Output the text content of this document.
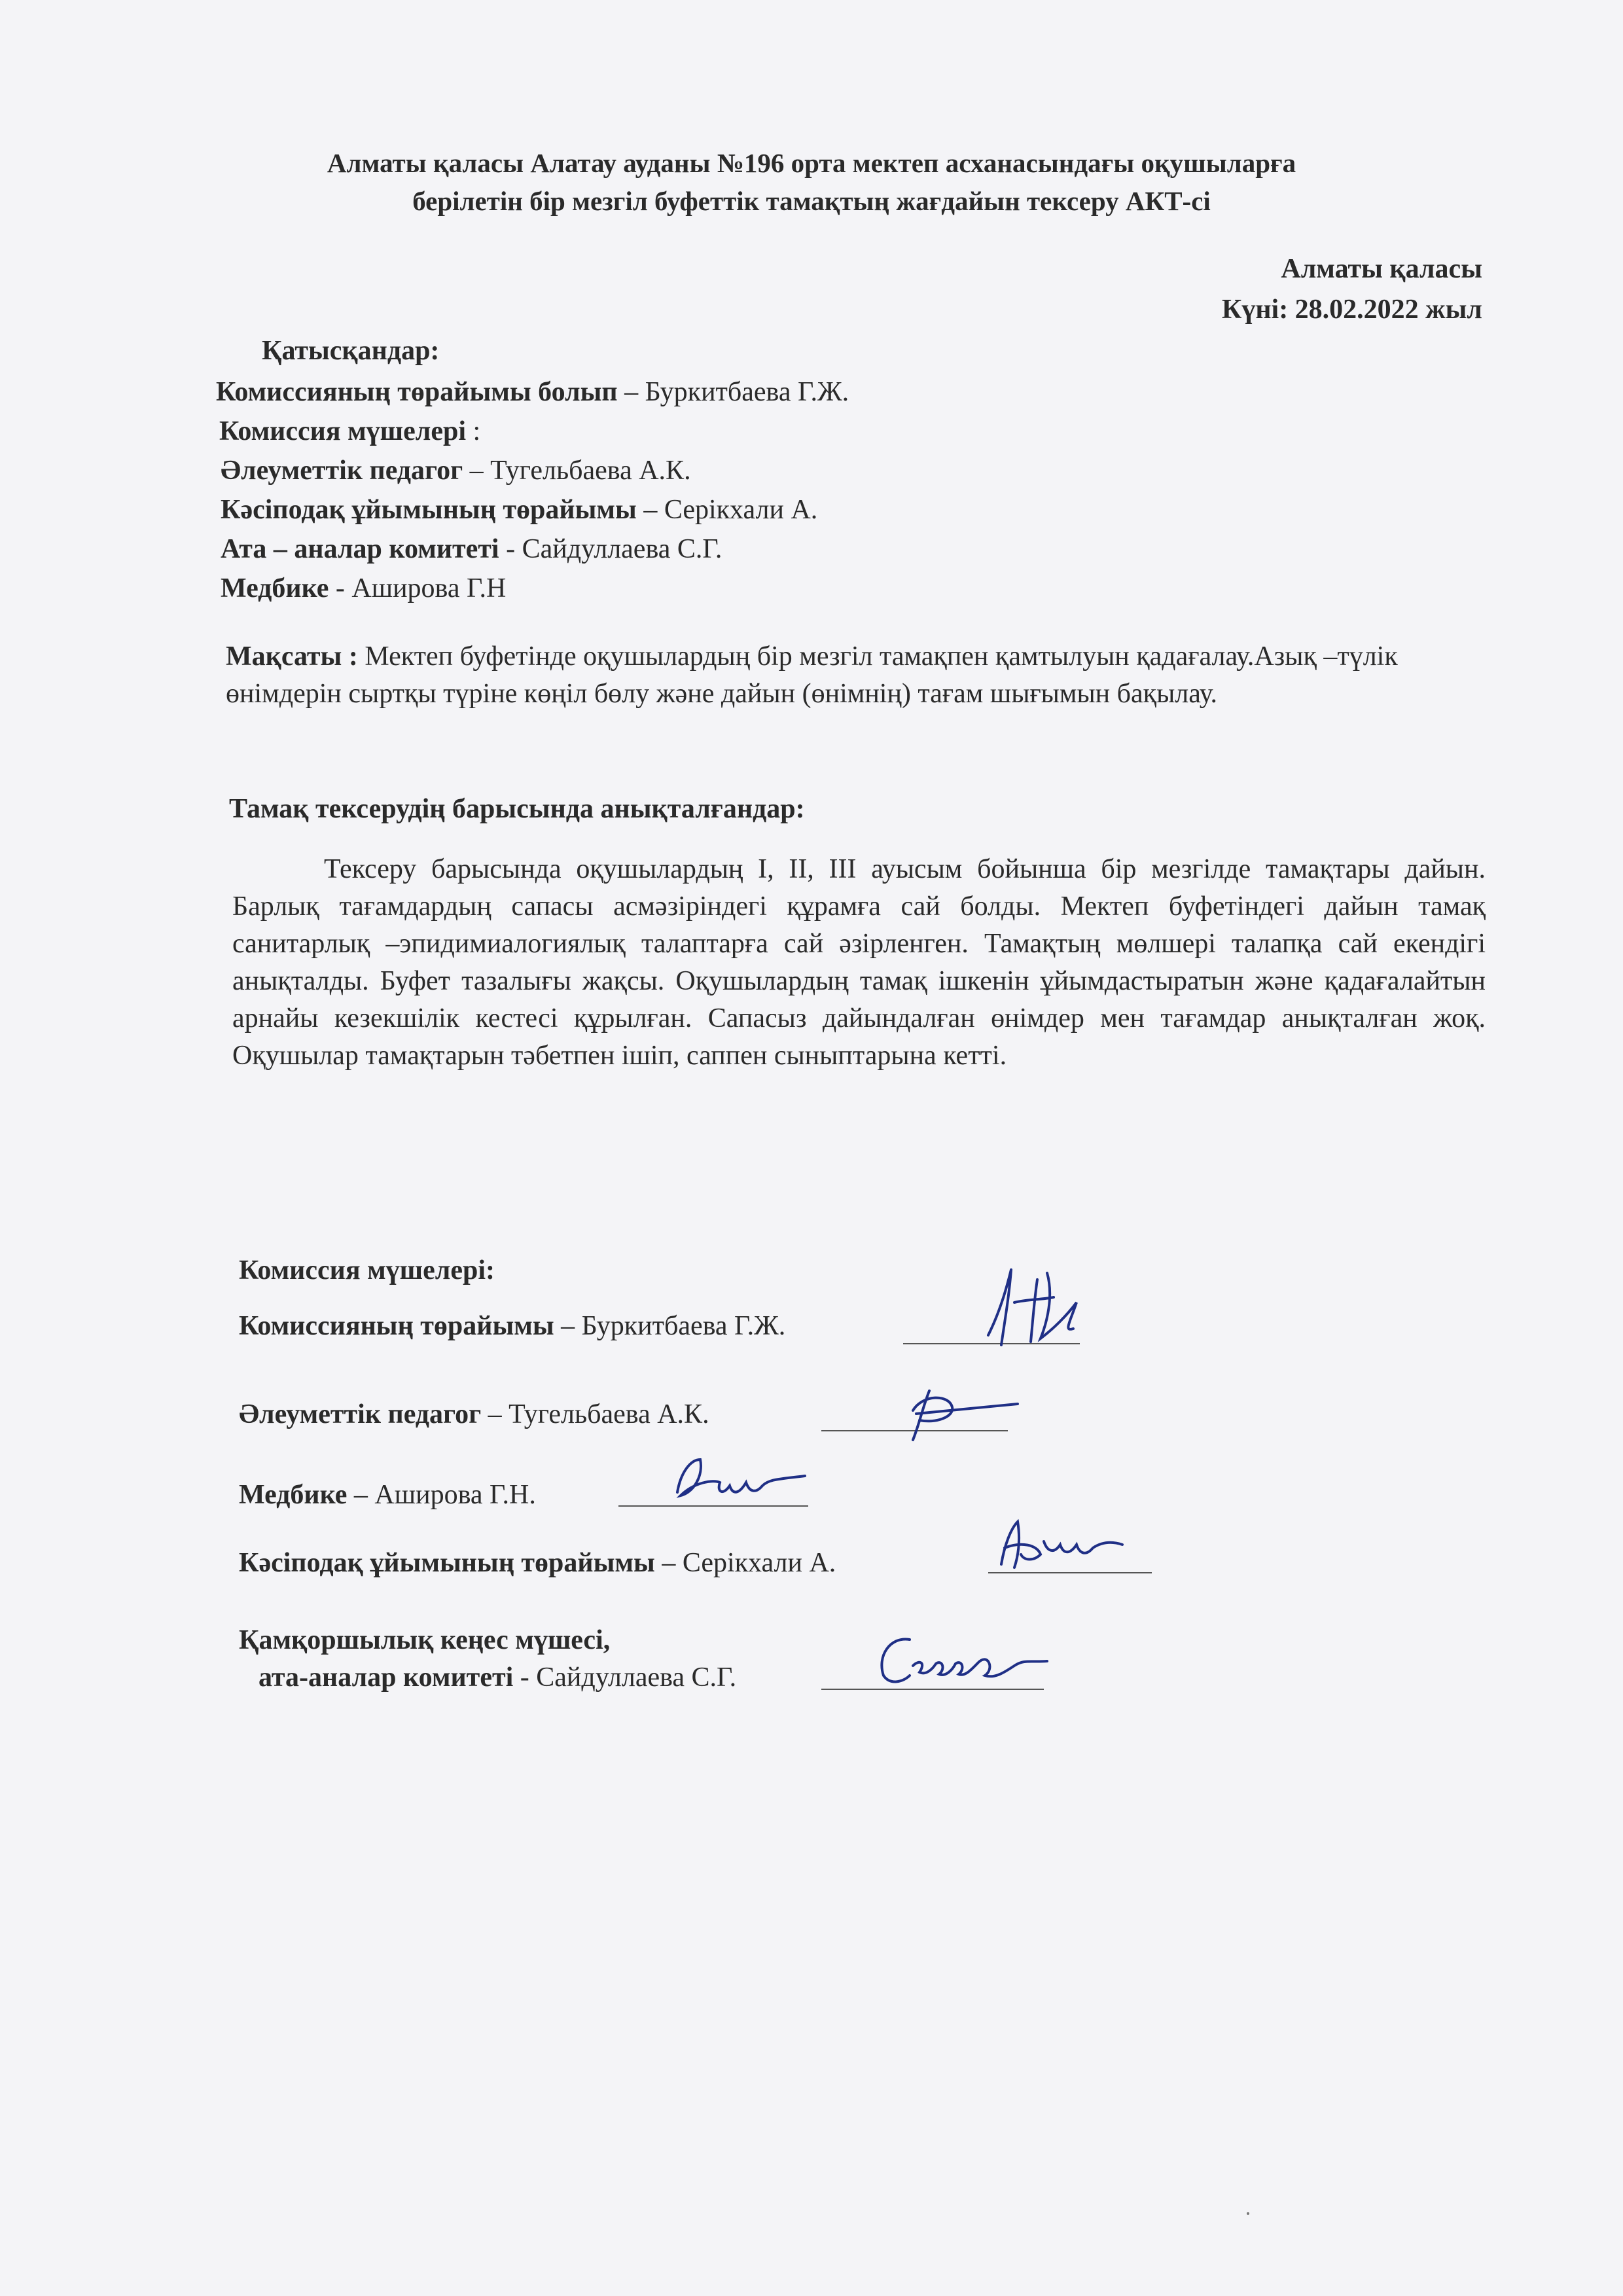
Алматы қаласы Алатау ауданы №196 орта мектеп асханасындағы оқушыларға
берілетін бір мезгіл буфеттік тамақтың жағдайын тексеру АКТ-сі
Алматы қаласы
Күні: 28.02.2022 жыл
Қатысқандар:
Комиссияның төрайымы болып – Буркитбаева Г.Ж.
Комиссия мүшелері :
Әлеуметтік педагог – Тугельбаева А.К.
Кәсіподақ ұйымының төрайымы – Серікхали А.
Ата – аналар комитеті - Сайдуллаева С.Г.
Медбике - Аширова Г.Н
Мақсаты : Мектеп буфетінде оқушылардың бір мезгіл тамақпен қамтылуын қадағалау.Азық –түлік өнімдерін сыртқы түріне көңіл бөлу және дайын (өнімнің) тағам шығымын бақылау.
Тамақ тексерудің барысында анықталғандар:
Тексеру барысында оқушылардың I, II, III ауысым бойынша бір мезгілде тамақтары дайын. Барлық тағамдардың сапасы асмәзіріндегі құрамға сай болды. Мектеп буфетіндегі дайын тамақ санитарлық –эпидимиалогиялық талаптарға сай әзірленген. Тамақтың мөлшері талапқа сай екендігі анықталды. Буфет тазалығы жақсы. Оқушылардың тамақ ішкенін ұйымдастыратын және қадағалайтын арнайы кезекшілік кестесі құрылған. Сапасыз дайындалған өнімдер мен тағамдар анықталған жоқ. Оқушылар тамақтарын тәбетпен ішіп, саппен сыныптарына кетті.
Комиссия мүшелері:
Комиссияның төрайымы – Буркитбаева Г.Ж.
Әлеуметтік педагог – Тугельбаева А.К.
Медбике – Аширова Г.Н.
Кәсіподақ ұйымының төрайымы – Серікхали А.
Қамқоршылық кеңес мүшесі,
ата-аналар комитеті - Сайдуллаева С.Г.
